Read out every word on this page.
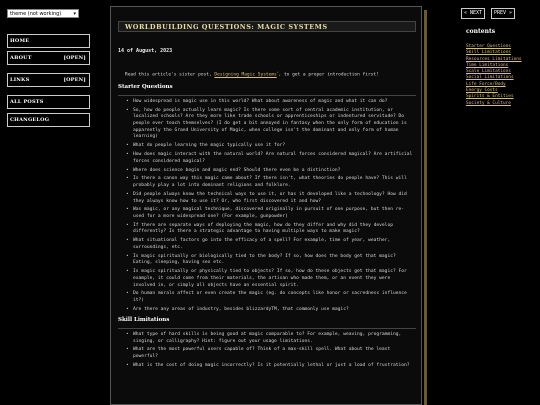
theme (not working) ▾
HOME
ABOUT	[OPEN]
LINKS	[OPEN]
ALL POSTS
CHANGELOG
WORLDBUILDING QUESTIONS: MAGIC SYSTEMS
14 of August, 2023
Read this article's sister post, Designing Magic Systems↗, to get a proper introduction first!
Starter Questions
• How widespread is magic use in this world? What about awareness of magic and what it can do?
• So, how do people actually learn magic? Is there some sort of central academic institution, or localized schools? Are they more like trade schools or apprenticeships or indentured servitude? Do people ever teach themselves? (I do get a bit annoyed in fantasy when the only form of education is apparently the Grand University of Magic, when college isn't the dominant and only form of human learning)
• What do people learning the magic typically use it for?
• How does magic interact with the natural world? Are natural forces considered magical? Are artificial forces considered magical?
• Where does science begin and magic end? Should there even be a distinction?
• Is there a canon way this magic came about? If there isn't, what theories do people have? This will probably play a lot into dominant religions and folklore.
• Did people always know the technical ways to use it, or has it developed like a technology? How did they always know how to use it? Or, who first discovered it and how?
• Was magic, or any magical technique, discovered originally in pursuit of one purpose, but then re-used for a more widespread one? (For example, gunpowder)
• If there are separate ways of deploying the magic, how do they differ and why did they develop differently? Is there a strategic advantage to having multiple ways to make magic?
• What situational factors go into the efficacy of a spell? For example, time of year, weather, surroundings, etc.
• Is magic spiritually or biologically tied to the body? If so, how does the body get that magic? Eating, sleeping, having sex etc.
• Is magic spiritually or physically tied to objects? If so, how do these objects get that magic? For example, it could come from their materials, the artisan who made them, or an event they were involved in, or simply all objects have an essential spirit.
• Do human morals affect or even create the magic (eg. do concepts like honor or sacredness influence it?)
• Are there any areas of industry, besides blizzardyTM, that commonly use magic?
Skill Limitations
• What type of hard skills is being good at magic comparable to? For example, weaving, programming, singing, or calligraphy? Hint: figure out your usage limitations.
• What are the most powerful users capable of? Think of a max-skill spell. What about the least powerful?
• What is the cost of doing magic incorrectly? Is it potentially lethal or just a load of frustration?
« NEXT	PREV »
contents
Starter Questions
Skill Limitations
Resources Limitations
Time Limitations
Scale Limitations
Social Limitations
Life Force/Body
Energy Costs
Spirits & Entities
Society & Culture
